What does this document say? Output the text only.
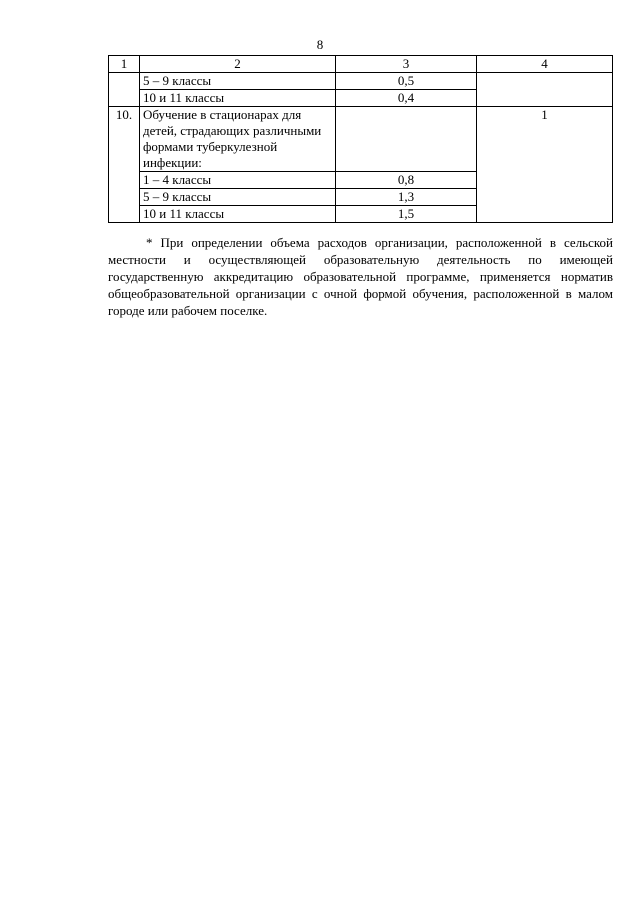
8
1	2	3	4
	5 – 9 классы	0,5	
	10 и 11 классы	0,4	
10.	Обучение в стационарах для детей, страдающих различными формами туберкулезной инфекции:		1
	1 – 4 классы	0,8	
	5 – 9 классы	1,3	
	10 и 11 классы	1,5	

* При определении объема расходов организации, расположенной в сельской местности и осуществляющей образовательную деятельность по имеющей государственную аккредитацию образовательной программе, применяется норматив общеобразовательной организации с очной формой обучения, расположенной в малом городе или рабочем поселке.
